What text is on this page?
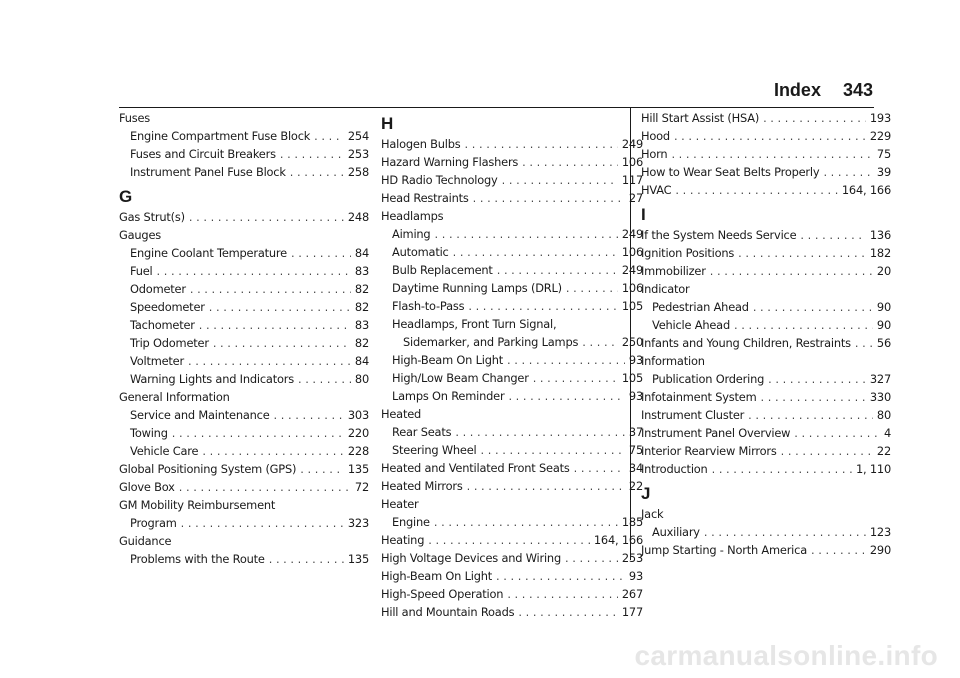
Index 343
Fuses
Engine Compartment Fuse Block . . .	254
Fuses and Circuit Breakers . . .	253
Instrument Panel Fuse Block . . .	258
G
Gas Strut(s) . . .	248
Gauges
Engine Coolant Temperature . . .	84
Fuel . . .	83
Odometer . . .	82
Speedometer . . .	82
Tachometer . . .	83
Trip Odometer . . .	82
Voltmeter . . .	84
Warning Lights and Indicators . . .	80
General Information
Service and Maintenance . . .	303
Towing . . .	220
Vehicle Care . . .	228
Global Positioning System (GPS) . . .	135
Glove Box . . .	72
GM Mobility Reimbursement
Program . . .	323
Guidance
Problems with the Route . . .	135
H
Halogen Bulbs . . .	249
Hazard Warning Flashers . . .	106
HD Radio Technology . . .	117
Head Restraints . . .	27
Headlamps
Aiming . . .	249
Automatic . . .	106
Bulb Replacement . . .	249
Daytime Running Lamps (DRL) . . .	106
Flash-to-Pass . . .	105
Headlamps, Front Turn Signal,
Sidemarker, and Parking Lamps . . .	250
High-Beam On Light . . .	93
High/Low Beam Changer . . .	105
Lamps On Reminder . . .	93
Heated
Rear Seats . . .	37
Steering Wheel . . .	75
Heated and Ventilated Front Seats . . .	34
Heated Mirrors . . .	22
Heater
Engine . . .	185
Heating . . .	164, 166
High Voltage Devices and Wiring . . .	253
High-Beam On Light . . .	93
High-Speed Operation . . .	267
Hill and Mountain Roads . . .	177
Hill Start Assist (HSA) . . .	193
Hood . . .	229
Horn . . .	75
How to Wear Seat Belts Properly . . .	39
HVAC . . .	164, 166
I
If the System Needs Service . . .	136
Ignition Positions . . .	182
Immobilizer . . .	20
Indicator
Pedestrian Ahead . . .	90
Vehicle Ahead . . .	90
Infants and Young Children, Restraints . . . 56
Information
Publication Ordering . . .	327
Infotainment System . . .	330
Instrument Cluster . . .	80
Instrument Panel Overview . . .	4
Interior Rearview Mirrors . . .	22
Introduction . . .	1, 110
J
Jack
Auxiliary . . .	123
Jump Starting - North America . . .	290
carmanualsonline.info
